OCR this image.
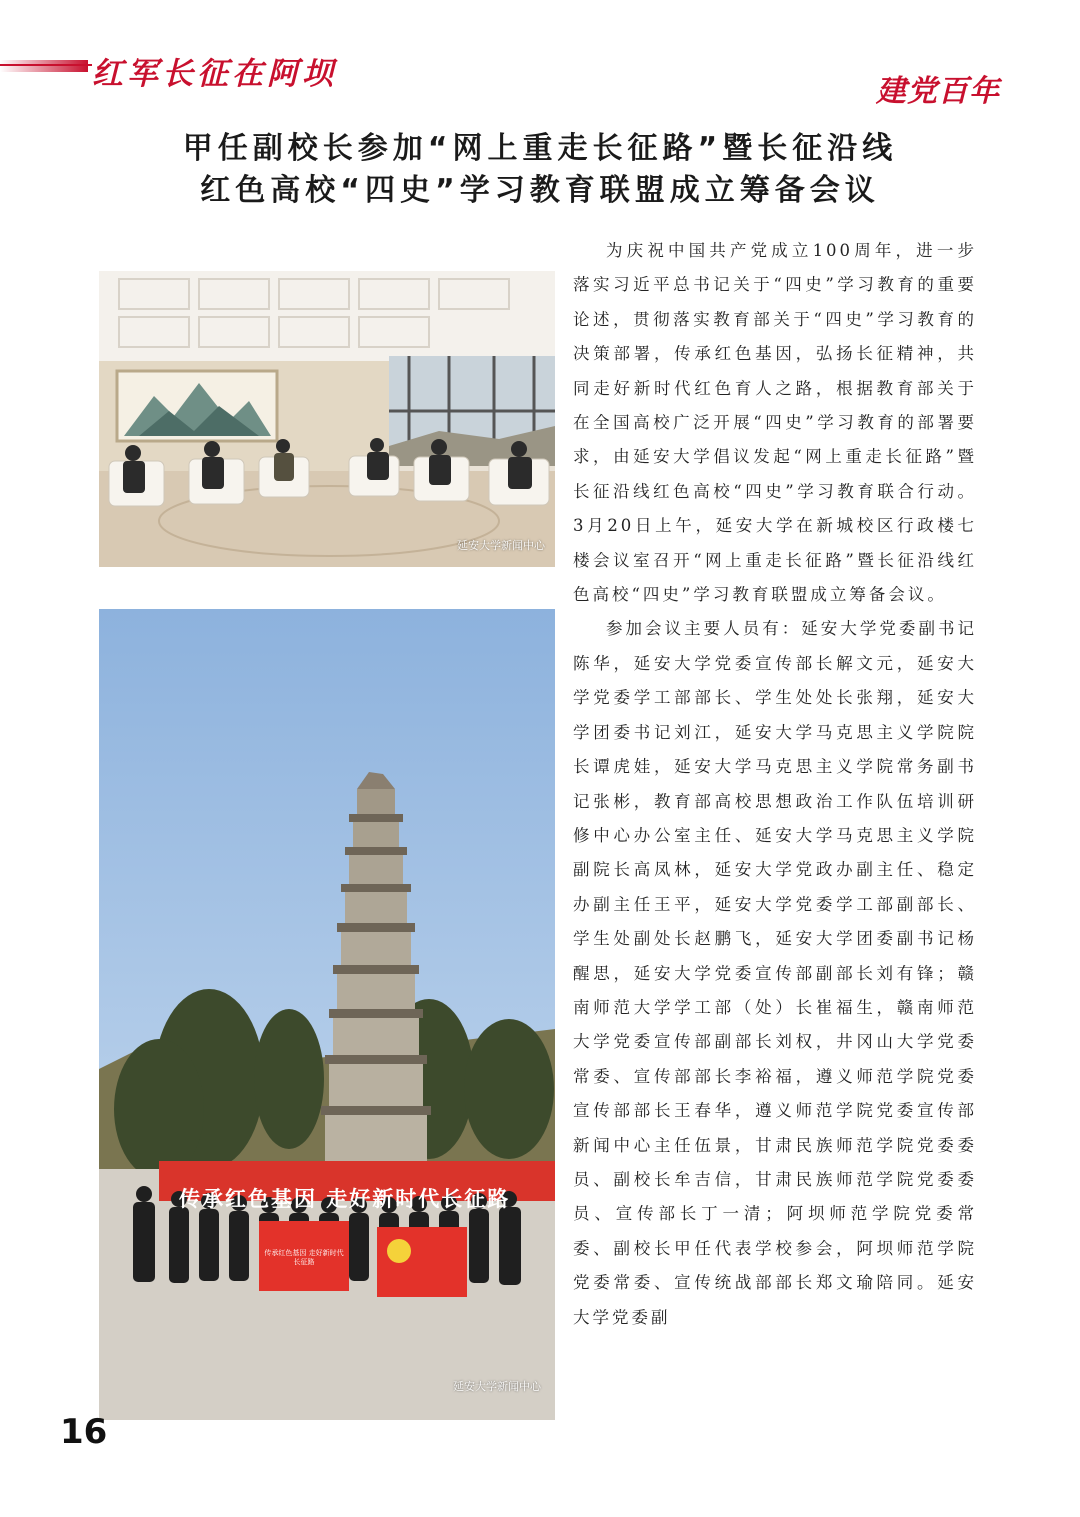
红军长征在阿坝	建党百年
甲任副校长参加“网上重走长征路”暨长征沿线
红色高校“四史”学习教育联盟成立筹备会议
延安大学新闻中心
传承红色基因 走好新时代长征路
传承红色基因 走好新时代长征路
延安大学新闻中心

为庆祝中国共产党成立100周年，进一步落实习近平总书记关于“四史”学习教育的重要论述，贯彻落实教育部关于“四史”学习教育的决策部署，传承红色基因，弘扬长征精神，共同走好新时代红色育人之路，根据教育部关于在全国高校广泛开展“四史”学习教育的部署要求，由延安大学倡议发起“网上重走长征路”暨长征沿线红色高校“四史”学习教育联合行动。3月20日上午，延安大学在新城校区行政楼七楼会议室召开“网上重走长征路”暨长征沿线红色高校“四史”学习教育联盟成立筹备会议。

参加会议主要人员有：延安大学党委副书记陈华，延安大学党委宣传部长解文元，延安大学党委学工部部长、学生处处长张翔，延安大学团委书记刘江，延安大学马克思主义学院院长谭虎娃，延安大学马克思主义学院常务副书记张彬，教育部高校思想政治工作队伍培训研修中心办公室主任、延安大学马克思主义学院副院长高凤林，延安大学党政办副主任、稳定办副主任王平，延安大学党委学工部副部长、学生处副处长赵鹏飞，延安大学团委副书记杨醒思，延安大学党委宣传部副部长刘有锋；赣南师范大学学工部（处）长崔福生，赣南师范大学党委宣传部副部长刘权，井冈山大学党委常委、宣传部部长李裕福，遵义师范学院党委宣传部部长王春华，遵义师范学院党委宣传部新闻中心主任伍景，甘肃民族师范学院党委委员、副校长牟吉信，甘肃民族师范学院党委委员、宣传部长丁一清；阿坝师范学院党委常委、副校长甲任代表学校参会，阿坝师范学院党委常委、宣传统战部部长郑文瑜陪同。延安大学党委副

16
